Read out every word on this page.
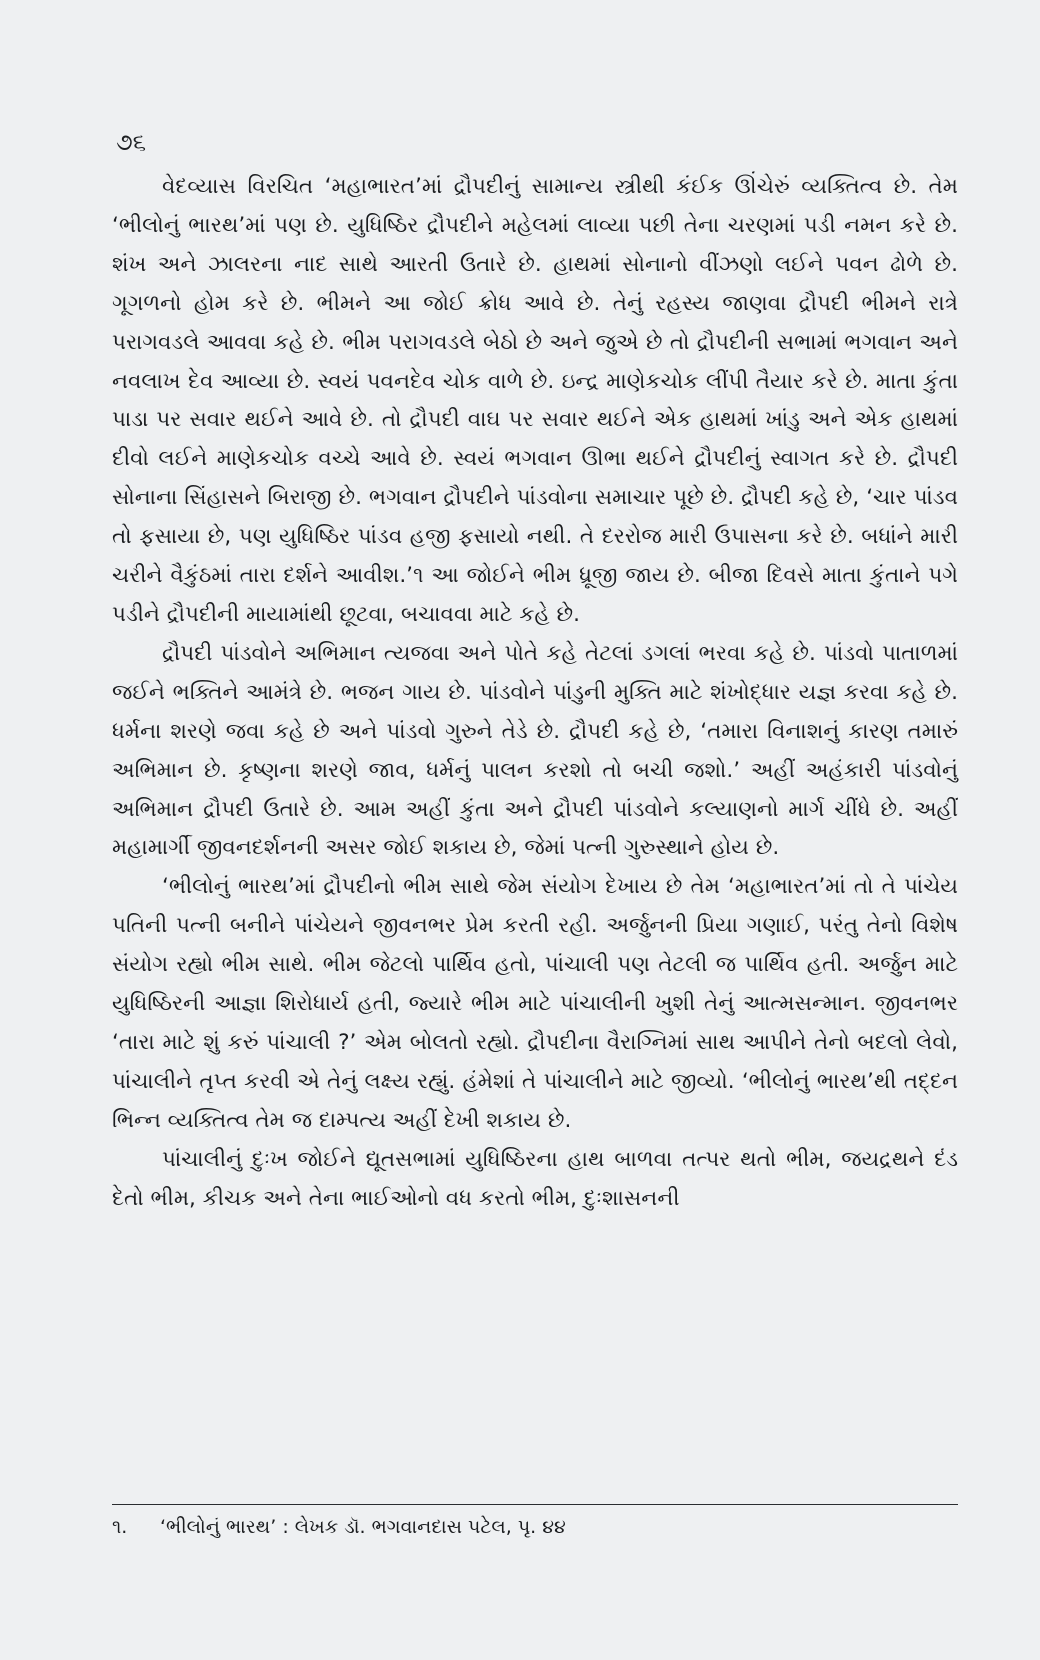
૭૬

વેદવ્યાસ વિરચિત ‘મહાભારત’માં દ્રૌપદીનું સામાન્ય સ્ત્રીથી કંઈક ઊંચેરું વ્યક્તિત્વ છે. તેમ ‘ભીલોનું ભારથ’માં પણ છે. યુધિષ્ઠિર દ્રૌપદીને મહેલમાં લાવ્યા પછી તેના ચરણમાં પડી નમન કરે છે. શંખ અને ઝાલરના નાદ સાથે આરતી ઉતારે છે. હાથમાં સોનાનો વીંઝણો લઈને પવન ઢોળે છે. ગૂગળનો હોમ કરે છે. ભીમને આ જોઈ ક્રોધ આવે છે. તેનું રહસ્ય જાણવા દ્રૌપદી ભીમને રાત્રે પરાગવડલે આવવા કહે છે. ભીમ પરાગવડલે બેઠો છે અને જુએ છે તો દ્રૌપદીની સભામાં ભગવાન અને નવલાખ દેવ આવ્યા છે. સ્વયં પવનદેવ ચોક વાળે છે. ઇન્દ્ર માણેકચોક લીંપી તૈયાર કરે છે. માતા કુંતા પાડા પર સવાર થઈને આવે છે. તો દ્રૌપદી વાઘ પર સવાર થઈને એક હાથમાં ખાંડુ અને એક હાથમાં દીવો લઈને માણેકચોક વચ્ચે આવે છે. સ્વયં ભગવાન ઊભા થઈને દ્રૌપદીનું સ્વાગત કરે છે. દ્રૌપદી સોનાના સિંહાસને બિરાજી છે. ભગવાન દ્રૌપદીને પાંડવોના સમાચાર પૂછે છે. દ્રૌપદી કહે છે, ‘ચાર પાંડવ તો ફસાયા છે, પણ યુધિષ્ઠિર પાંડવ હજી ફસાયો નથી. તે દરરોજ મારી ઉપાસના કરે છે. બધાંને મારી ચરીને વૈકુંઠમાં તારા દર્શને આવીશ.’૧ આ જોઈને ભીમ ધ્રૂજી જાય છે. બીજા દિવસે માતા કુંતાને પગે પડીને દ્રૌપદીની માયામાંથી છૂટવા, બચાવવા માટે કહે છે.

દ્રૌપદી પાંડવોને અભિમાન ત્યજવા અને પોતે કહે તેટલાં ડગલાં ભરવા કહે છે. પાંડવો પાતાળમાં જઈને ભક્તિને આમંત્રે છે. ભજન ગાય છે. પાંડવોને પાંડુની મુક્તિ માટે શંખોદ્ધાર યજ્ઞ કરવા કહે છે. ધર્મના શરણે જવા કહે છે અને પાંડવો ગુરુને તેડે છે. દ્રૌપદી કહે છે, ‘તમારા વિનાશનું કારણ તમારું અભિમાન છે. કૃષ્ણના શરણે જાવ, ધર્મનું પાલન કરશો તો બચી જશો.’ અહીં અહંકારી પાંડવોનું અભિમાન દ્રૌપદી ઉતારે છે. આમ અહીં કુંતા અને દ્રૌપદી પાંડવોને કલ્યાણનો માર્ગ ચીંધે છે. અહીં મહામાર્ગી જીવનદર્શનની અસર જોઈ શકાય છે, જેમાં પત્ની ગુરુસ્થાને હોય છે.

‘ભીલોનું ભારથ’માં દ્રૌપદીનો ભીમ સાથે જેમ સંયોગ દેખાય છે તેમ ‘મહાભારત’માં તો તે પાંચેય પતિની પત્ની બનીને પાંચેયને જીવનભર પ્રેમ કરતી રહી. અર્જુનની પ્રિયા ગણાઈ, પરંતુ તેનો વિશેષ સંયોગ રહ્યો ભીમ સાથે. ભીમ જેટલો પાર્થિવ હતો, પાંચાલી પણ તેટલી જ પાર્થિવ હતી. અર્જુન માટે યુધિષ્ઠિરની આજ્ઞા શિરોધાર્ય હતી, જ્યારે ભીમ માટે પાંચાલીની ખુશી તેનું આત્મસન્માન. જીવનભર ‘તારા માટે શું કરું પાંચાલી ?’ એમ બોલતો રહ્યો. દ્રૌપદીના વૈરાગ્નિમાં સાથ આપીને તેનો બદલો લેવો, પાંચાલીને તૃપ્ત કરવી એ તેનું લક્ષ્ય રહ્યું. હંમેશાં તે પાંચાલીને માટે જીવ્યો. ‘ભીલોનું ભારથ’થી તદ્દન ભિન્ન વ્યક્તિત્વ તેમ જ દામ્પત્ય અહીં દેખી શકાય છે.

પાંચાલીનું દુઃખ જોઈને દ્યૂતસભામાં યુધિષ્ઠિરના હાથ બાળવા તત્પર થતો ભીમ, જયદ્રથને દંડ દેતો ભીમ, કીચક અને તેના ભાઈઓનો વધ કરતો ભીમ, દુઃશાસનની

૧. ‘ભીલોનું ભારથ’ : લેખક ડૉ. ભગવાનદાસ પટેલ, પૃ. ૪૪
